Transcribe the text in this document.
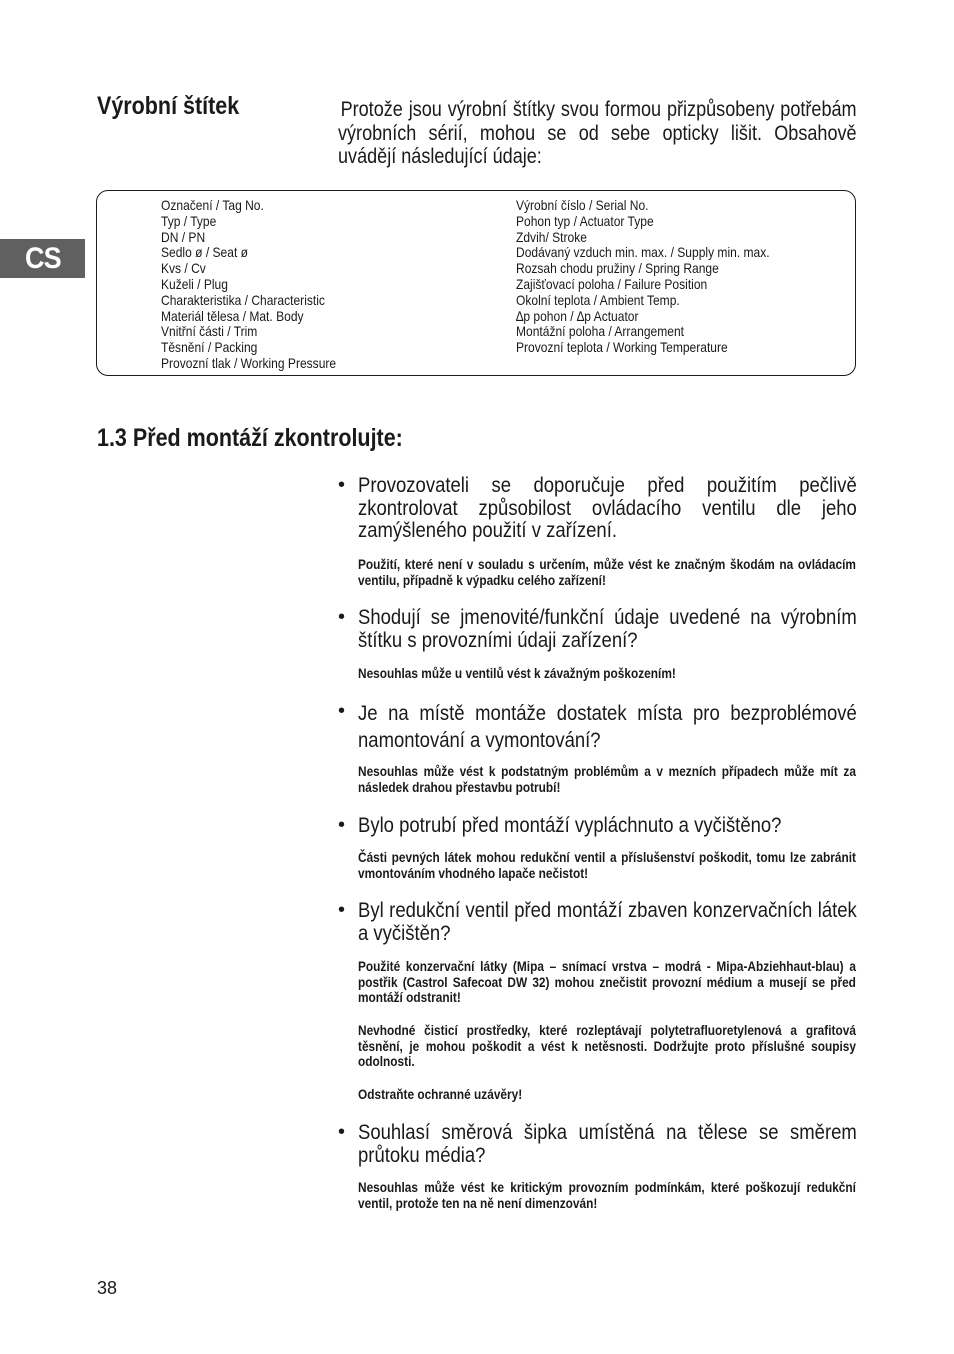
CS
Výrobní štítek	Protože jsou výrobní štítky svou formou přizpůsobeny potřebám výrobních sérií, mohou se od sebe opticky lišit. Obsahově uvádějí následující údaje:
Označení / Tag No.
Typ / Type
DN / PN
Sedlo ø / Seat ø
Kvs / Cv
Kuželi / Plug
Charakteristika / Characteristic
Materiál tělesa / Mat. Body
Vnitřní části / Trim
Těsnění / Packing
Provozní tlak / Working Pressure
Výrobní číslo / Serial No.
Pohon typ / Actuator Type
Zdvih/ Stroke
Dodávaný vzduch min. max. / Supply min. max.
Rozsah chodu pružiny / Spring Range
Zajišťovací poloha / Failure Position
Okolní teplota / Ambient Temp.
∆p pohon / ∆p Actuator
Montážní poloha / Arrangement
Provozní teplota / Working Temperature
1.3 Před montáží zkontrolujte:
• Provozovateli se doporučuje před použitím pečlivě zkontrolovat způsobilost ovládacího ventilu dle jeho zamýšleného použití v zařízení.
Použití, které není v souladu s určením, může vést ke značným škodám na ovládacím ventilu, případně k výpadku celého zařízení!
• Shodují se jmenovité/funkční údaje uvedené na výrobním štítku s provozními údaji zařízení?
Nesouhlas může u ventilů vést k závažným poškozením!
• Je na místě montáže dostatek místa pro bezproblémové namontování a vymontování?
Nesouhlas může vést k podstatným problémům a v mezních případech může mít za následek drahou přestavbu potrubí!
• Bylo potrubí před montáží vypláchnuto a vyčištěno?
Části pevných látek mohou redukční ventil a příslušenství poškodit, tomu lze zabránit vmontováním vhodného lapače nečistot!
• Byl redukční ventil před montáží zbaven konzervačních látek a vyčištěn?
Použité konzervační látky (Mipa – snímací vrstva – modrá - Mipa-Abziehhaut-blau) a postřik (Castrol Safecoat DW 32) mohou znečistit provozní médium a musejí se před montáží odstranit!
Nevhodné čisticí prostředky, které rozleptávají polytetrafluoretylenová a grafitová těsnění, je mohou poškodit a vést k netěsnosti. Dodržujte proto příslušné soupisy odolnosti.
Odstraňte ochranné uzávěry!
• Souhlasí směrová šipka umístěná na tělese se směrem průtoku média?
Nesouhlas může vést ke kritickým provozním podmínkám, které poškozují redukční ventil, protože ten na ně není dimenzován!
38
